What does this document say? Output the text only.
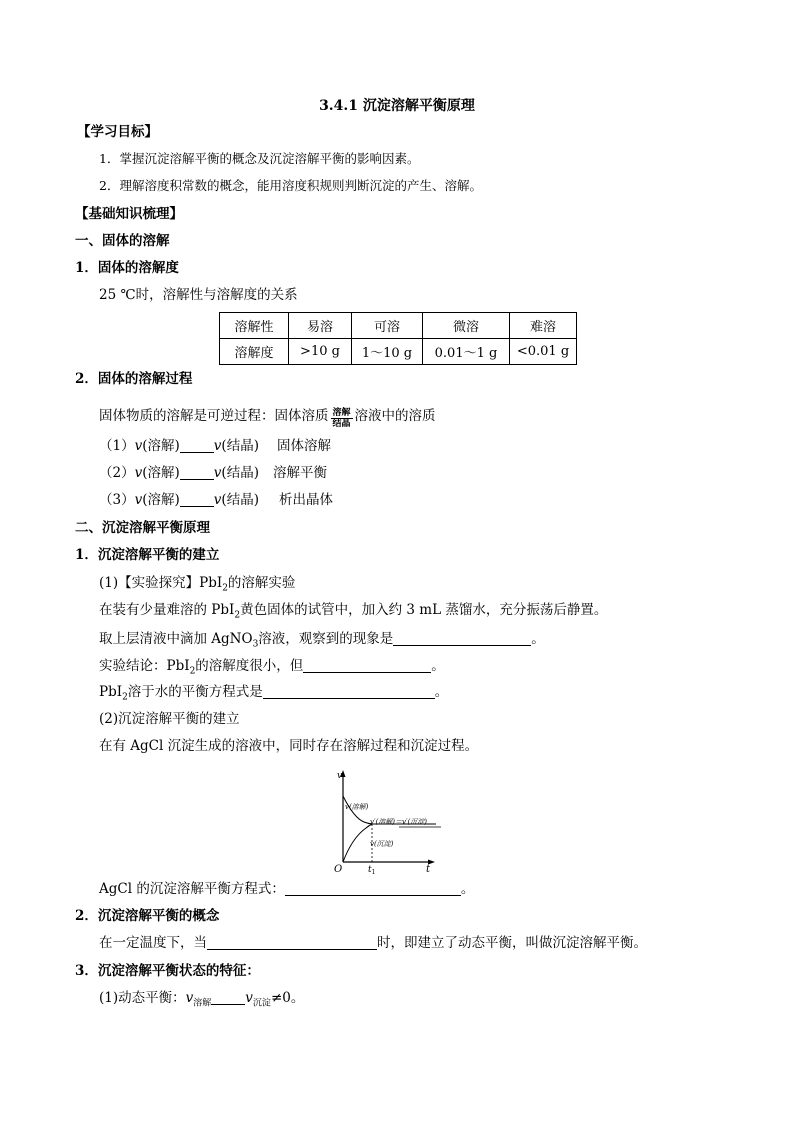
3.4.1 沉淀溶解平衡原理
【学习目标】
1．掌握沉淀溶解平衡的概念及沉淀溶解平衡的影响因素。
2．理解溶度积常数的概念，能用溶度积规则判断沉淀的产生、溶解。
【基础知识梳理】
一、固体的溶解
1．固体的溶解度
25 ℃时，溶解性与溶解度的关系
溶解性	易溶	可溶	微溶	难溶
溶解度	>10 g	1～10 g	0.01～1 g	<0.01 g
2．固体的溶解过程
固体物质的溶解是可逆过程：固体溶质 $\frac{\text{溶解}}{\text{结晶}}$ 溶液中的溶质
（1）v(溶解)	v(结晶) 固体溶解
（2）v(溶解)	v(结晶) 溶解平衡
（3）v(溶解)	v(结晶) 析出晶体
二、沉淀溶解平衡原理
1．沉淀溶解平衡的建立
(1)【实验探究】PbI$_2$的溶解实验
在装有少量难溶的 PbI$_2$黄色固体的试管中，加入约 3 mL 蒸馏水，充分振荡后静置。
取上层清液中滴加 AgNO$_3$溶液，观察到的现象是	。
实验结论：PbI$_2$的溶解度很小，但	。
PbI$_2$溶于水的平衡方程式是	。
(2)沉淀溶解平衡的建立
在有 AgCl 沉淀生成的溶液中，同时存在溶解过程和沉淀过程。
v
t
O	$t_1$
v(溶解)
v(沉淀)
v′(溶解)＝v′(沉淀)
AgCl 的沉淀溶解平衡方程式：	。
2．沉淀溶解平衡的概念
在一定温度下，当	时，即建立了动态平衡，叫做沉淀溶解平衡。
3．沉淀溶解平衡状态的特征：
(1)动态平衡：$v_{溶解}$	$v_{沉淀}\ne 0$。
